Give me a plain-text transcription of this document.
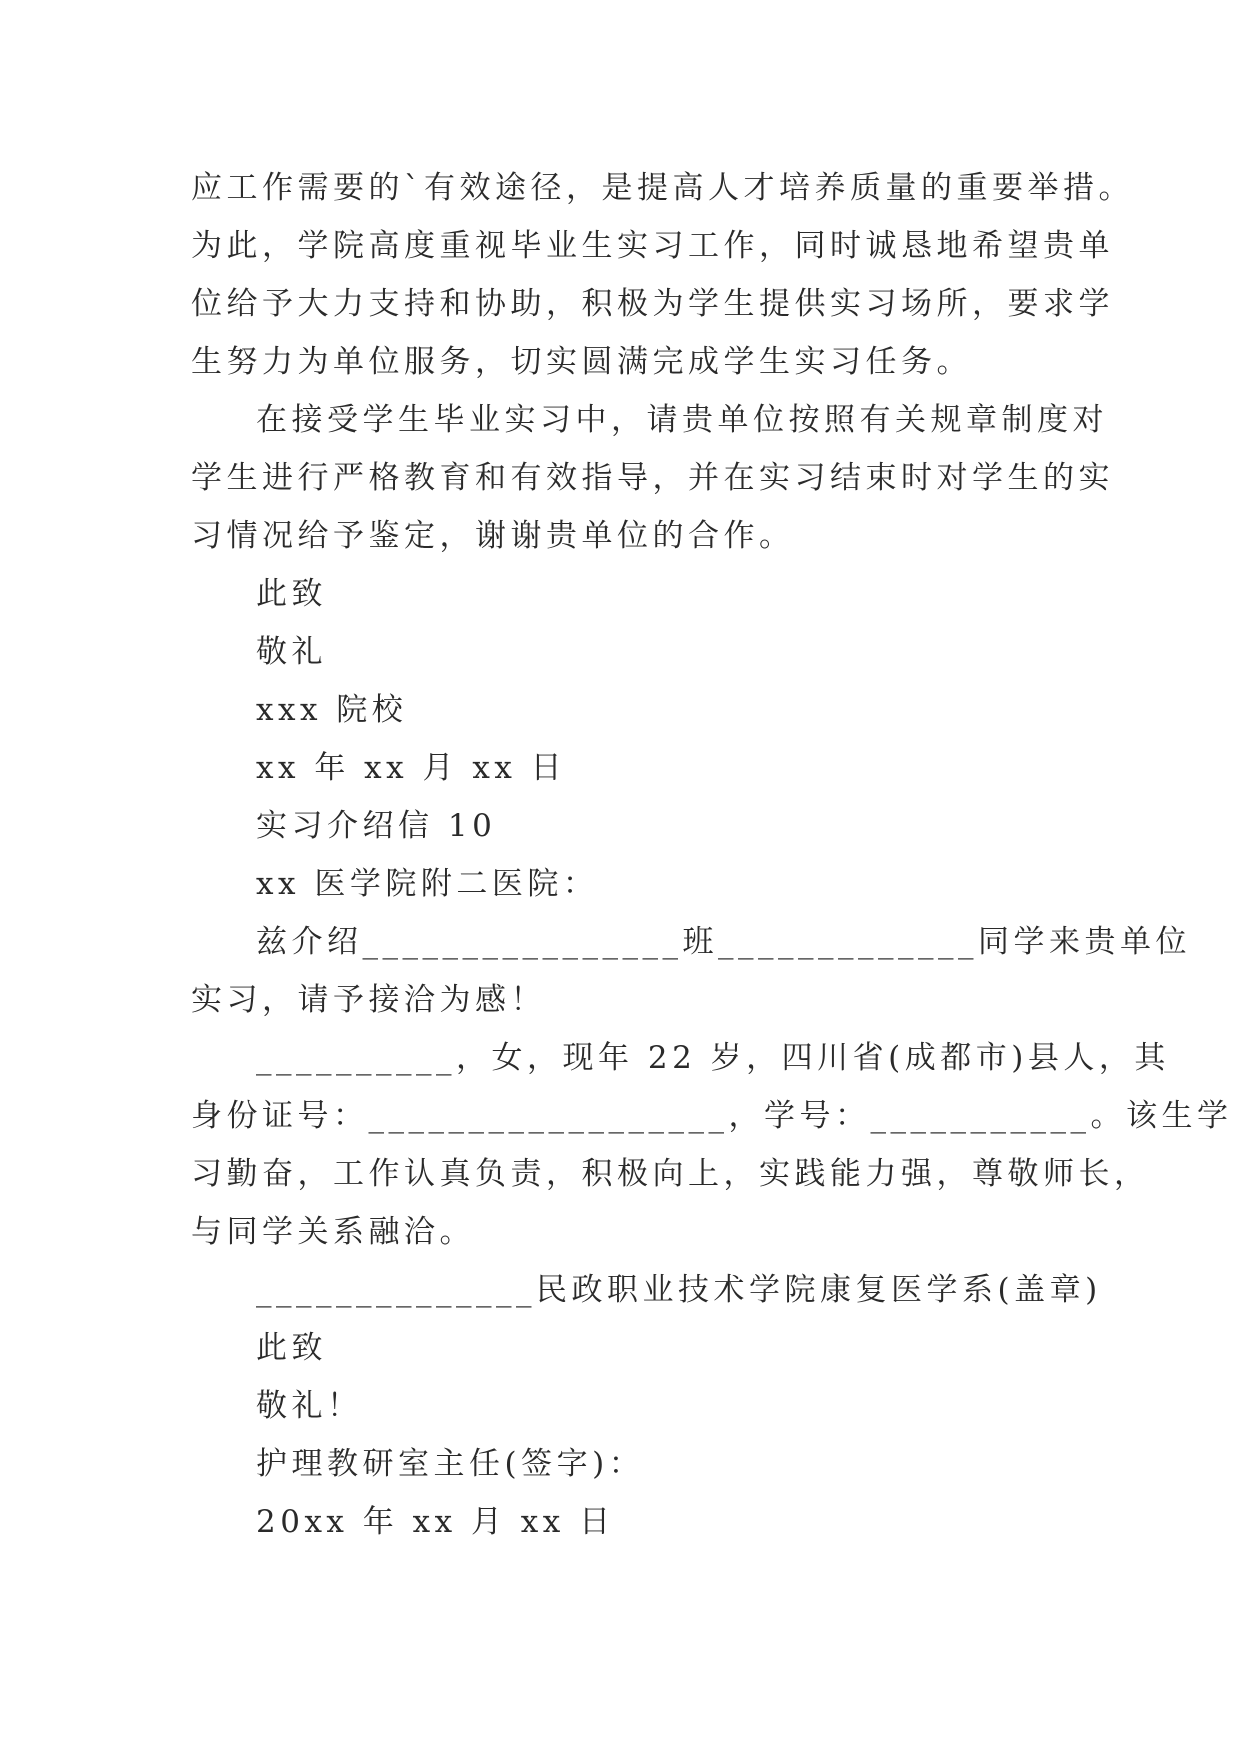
应工作需要的`有效途径，是提高人才培养质量的重要举措。
为此，学院高度重视毕业生实习工作，同时诚恳地希望贵单
位给予大力支持和协助，积极为学生提供实习场所，要求学
生努力为单位服务，切实圆满完成学生实习任务。
在接受学生毕业实习中，请贵单位按照有关规章制度对
学生进行严格教育和有效指导，并在实习结束时对学生的实
习情况给予鉴定，谢谢贵单位的合作。
此致
敬礼
xxx 院校
xx 年 xx 月 xx 日
实习介绍信 10
xx 医学院附二医院：
兹介绍________________班_____________同学来贵单位
实习，请予接洽为感！
__________，女，现年 22 岁，四川省(成都市)县人，其
身份证号：__________________，学号：___________。该生学
习勤奋，工作认真负责，积极向上，实践能力强，尊敬师长，
与同学关系融洽。
______________民政职业技术学院康复医学系(盖章)
此致
敬礼！
护理教研室主任(签字)：
20xx 年 xx 月 xx 日
